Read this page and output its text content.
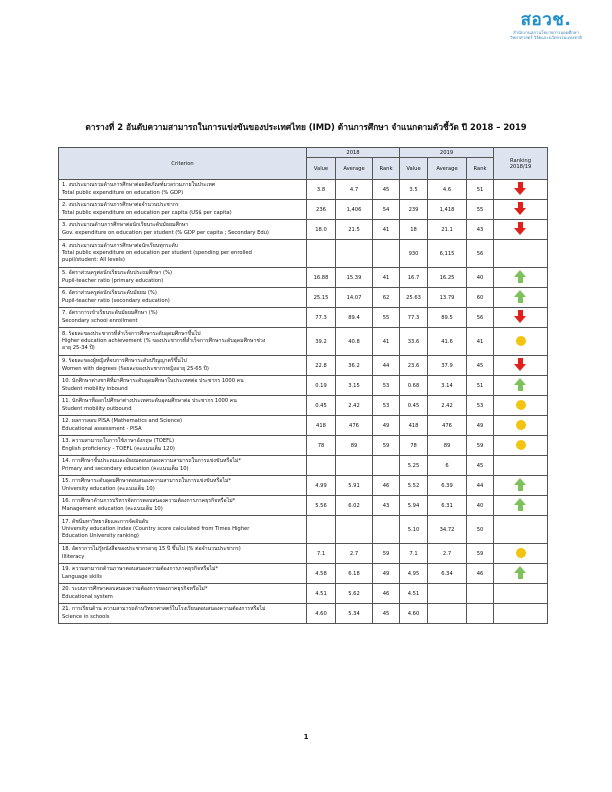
สอวช.
สำนักงานสภานโยบายการอุดมศึกษา
วิทยาศาสตร์ วิจัยและนวัตกรรมแห่งชาติ
ตารางที่ 2 อันดับความสามารถในการแข่งขันของประเทศไทย (IMD) ด้านการศึกษา จำแนกตามตัวชี้วัด ปี 2018 – 2019
Criterion	2018			2019			Ranking
2018/19

	Value	Average	Rank	Value	Average	Rank	

1. งบประมาณรวมด้านการศึกษาต่อผลิตภัณฑ์มวลรวมภายในประเทศ
Total public expenditure on education (% GDP)	3.8	4.7	45	3.5	4.6	51	

2. งบประมาณรวมด้านการศึกษาต่อจำนวนประชากร
Total public expenditure on education per capita (US$ per capita)	236	1,406	54	239	1,418	55	

3. งบประมาณด้านการศึกษาต่อนักเรียนระดับมัธยมศึกษา
Gov. expenditure on education per student (% GDP per capita ; Secondary Edu)	18.0	21.5	41	18	21.1	43	

4. งบประมาณรวมด้านการศึกษาต่อนักเรียนทุกระดับ
Total public expenditure on education per student (spending per enrolled
pupil/student: All levels)				930	6,115	56	

5. อัตราส่วนครูต่อนักเรียนระดับประถมศึกษา (%)
Pupil-teacher ratio (primary education)	16.88	15.39	41	16.7	16.25	40	

6. อัตราส่วนครูต่อนักเรียนระดับมัธยม (%)
Pupil-teacher ratio (secondary education)	25.15	14.07	62	25.63	13.79	60	

7. อัตราการเข้าเรียนระดับมัธยมศึกษา (%)
Secondary school enrollment	77.3	89.4	55	77.3	89.5	56	

8. ร้อยละของประชากรที่สำเร็จการศึกษาระดับอุดมศึกษาขึ้นไป
Higher education achievement (% ของประชากรที่สำเร็จการศึกษาระดับอุดมศึกษาช่วง
อายุ 25-34 ปี)	39.2	40.8	41	33.6	41.6	41	

9. ร้อยละของผู้หญิงที่จบการศึกษาระดับปริญญาตรีขึ้นไป
Women with degrees (ร้อยละของประชากรหญิงอายุ 25-65 ปี)	22.8	36.2	44	23.6	37.9	45	

10. นักศึกษาต่างชาติที่มาศึกษาระดับอุดมศึกษาในประเทศต่อ ประชากร 1000 คน
Student mobility inbound	0.19	3.15	53	0.68	3.14	51	

11. นักศึกษาที่ออกไปศึกษาต่างประเทศระดับอุดมศึกษาต่อ ประชากร 1000 คน
Student mobility outbound	0.45	2.42	53	0.45	2.42	53	

12. ผลการสอบ PISA (Mathematics and Science)
Educational assessment - PISA	418	476	49	418	476	49	

13. ความสามารถในการใช้ภาษาอังกฤษ (TOEFL)
English proficiency - TOEFL (คะแนนเต็ม 120)	78	89	59	78	89	59	

14. การศึกษาขั้นประถมและมัธยมตอบสนองความสามารถในการแข่งขันหรือไม่*
Primary and secondary education (คะแนนเต็ม 10)				5.25	6	45	

15. การศึกษาระดับอุดมศึกษาตอบสนองความสามารถในการแข่งขันหรือไม่*
University education (คะแนนเต็ม 10)	4.99	5.91	46	5.52	6.39	44	

16. การศึกษาด้านการบริหารจัดการตอบสนองความต้องการภาคธุรกิจหรือไม่*
Management education (คะแนนเต็ม 10)	5.56	6.02	43	5.94	6.31	40	

17. ดัชนีมหาวิทยาลัยและการจัดอันดับ
University education index (Country score calculated from Times Higher
Education University ranking)				5.10	34.72	50	

18. อัตราการไม่รู้หนังสือของประชากรอายุ 15 ปี ขึ้นไป (% ต่อจำนวนประชากร)
Illiteracy	7.1	2.7	59	7.1	2.7	59	

19. ความสามารถด้านภาษาตอบสนองความต้องการภาคธุรกิจหรือไม่*
Language skills	4.58	6.18	49	4.95	6.34	46	

20. ระบบการศึกษาตอบสนองความต้องการของภาคธุรกิจหรือไม่*
Educational system	4.51	5.62	46	4.51			

21. การเรียนด้าน ความสามารถด้านวิทยาศาสตร์ในโรงเรียนตอบสนองความต้องการหรือไม่
Science in schools	4.60	5.34	45	4.60			
1
